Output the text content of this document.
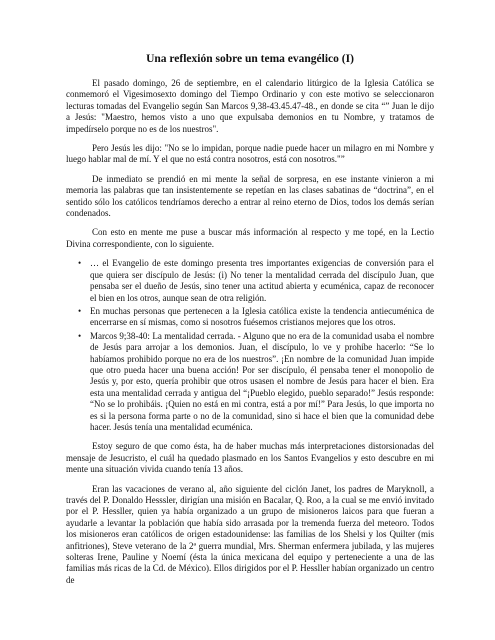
Una reflexión sobre un tema evangélico (I)

El pasado domingo, 26 de septiembre, en el calendario litúrgico de la Iglesia Católica se conmemoró el Vigesimosexto domingo del Tiempo Ordinario y con este motivo se seleccionaron lecturas tomadas del Evangelio según San Marcos 9,38-43.45.47-48., en donde se cita “” Juan le dijo a Jesús: "Maestro, hemos visto a uno que expulsaba demonios en tu Nombre, y tratamos de impedírselo porque no es de los nuestros".

Pero Jesús les dijo: "No se lo impidan, porque nadie puede hacer un milagro en mi Nombre y luego hablar mal de mí. Y el que no está contra nosotros, está con nosotros."”

De inmediato se prendió en mi mente la señal de sorpresa, en ese instante vinieron a mi memoria las palabras que tan insistentemente se repetían en las clases sabatinas de “doctrina”, en el sentido sólo los católicos tendríamos derecho a entrar al reino eterno de Dios, todos los demás serían condenados.

Con esto en mente me puse a buscar más información al respecto y me topé, en la Lectio Divina correspondiente, con lo siguiente.

• … el Evangelio de este domingo presenta tres importantes exigencias de conversión para el que quiera ser discípulo de Jesús: (i) No tener la mentalidad cerrada del discípulo Juan, que pensaba ser el dueño de Jesús, sino tener una actitud abierta y ecuménica, capaz de reconocer el bien en los otros, aunque sean de otra religión.
• En muchas personas que pertenecen a la Iglesia católica existe la tendencia antiecuménica de encerrarse en sí mismas, como si nosotros fuésemos cristianos mejores que los otros.
• Marcos 9;38-40: La mentalidad cerrada. - Alguno que no era de la comunidad usaba el nombre de Jesús para arrojar a los demonios. Juan, el discípulo, lo ve y prohíbe hacerlo: “Se lo habíamos prohibido porque no era de los nuestros”. ¡En nombre de la comunidad Juan impide que otro pueda hacer una buena acción! Por ser discípulo, él pensaba tener el monopolio de Jesús y, por esto, quería prohibir que otros usasen el nombre de Jesús para hacer el bien. Era esta una mentalidad cerrada y antigua del “¡Pueblo elegido, pueblo separado!” Jesús responde: “No se lo prohibáis. ¡Quien no está en mi contra, está a por mí!” Para Jesús, lo que importa no es si la persona forma parte o no de la comunidad, sino si hace el bien que la comunidad debe hacer. Jesús tenía una mentalidad ecuménica.

Estoy seguro de que como ésta, ha de haber muchas más interpretaciones distorsionadas del mensaje de Jesucristo, el cuál ha quedado plasmado en los Santos Evangelios y esto descubre en mi mente una situación vivida cuando tenía 13 años.

Eran las vacaciones de verano al, año siguiente del ciclón Janet, los padres de Maryknoll, a través del P. Donaldo Hesssler, dirigían una misión en Bacalar, Q. Roo, a la cual se me envió invitado por el P. Hessller, quien ya había organizado a un grupo de misioneros laicos para que fueran a ayudarle a levantar la población que había sido arrasada por la tremenda fuerza del meteoro. Todos los misioneros eran católicos de origen estadounidense: las familias de los Shelsi y los Quilter (mis anfitriones), Steve veterano de la 2ª guerra mundial, Mrs. Sherman enfermera jubilada, y las mujeres solteras Irene, Pauline y Noemí (ésta la única mexicana del equipo y perteneciente a una de las familias más ricas de la Cd. de México). Ellos dirigidos por el P. Hessller habían organizado un centro de
